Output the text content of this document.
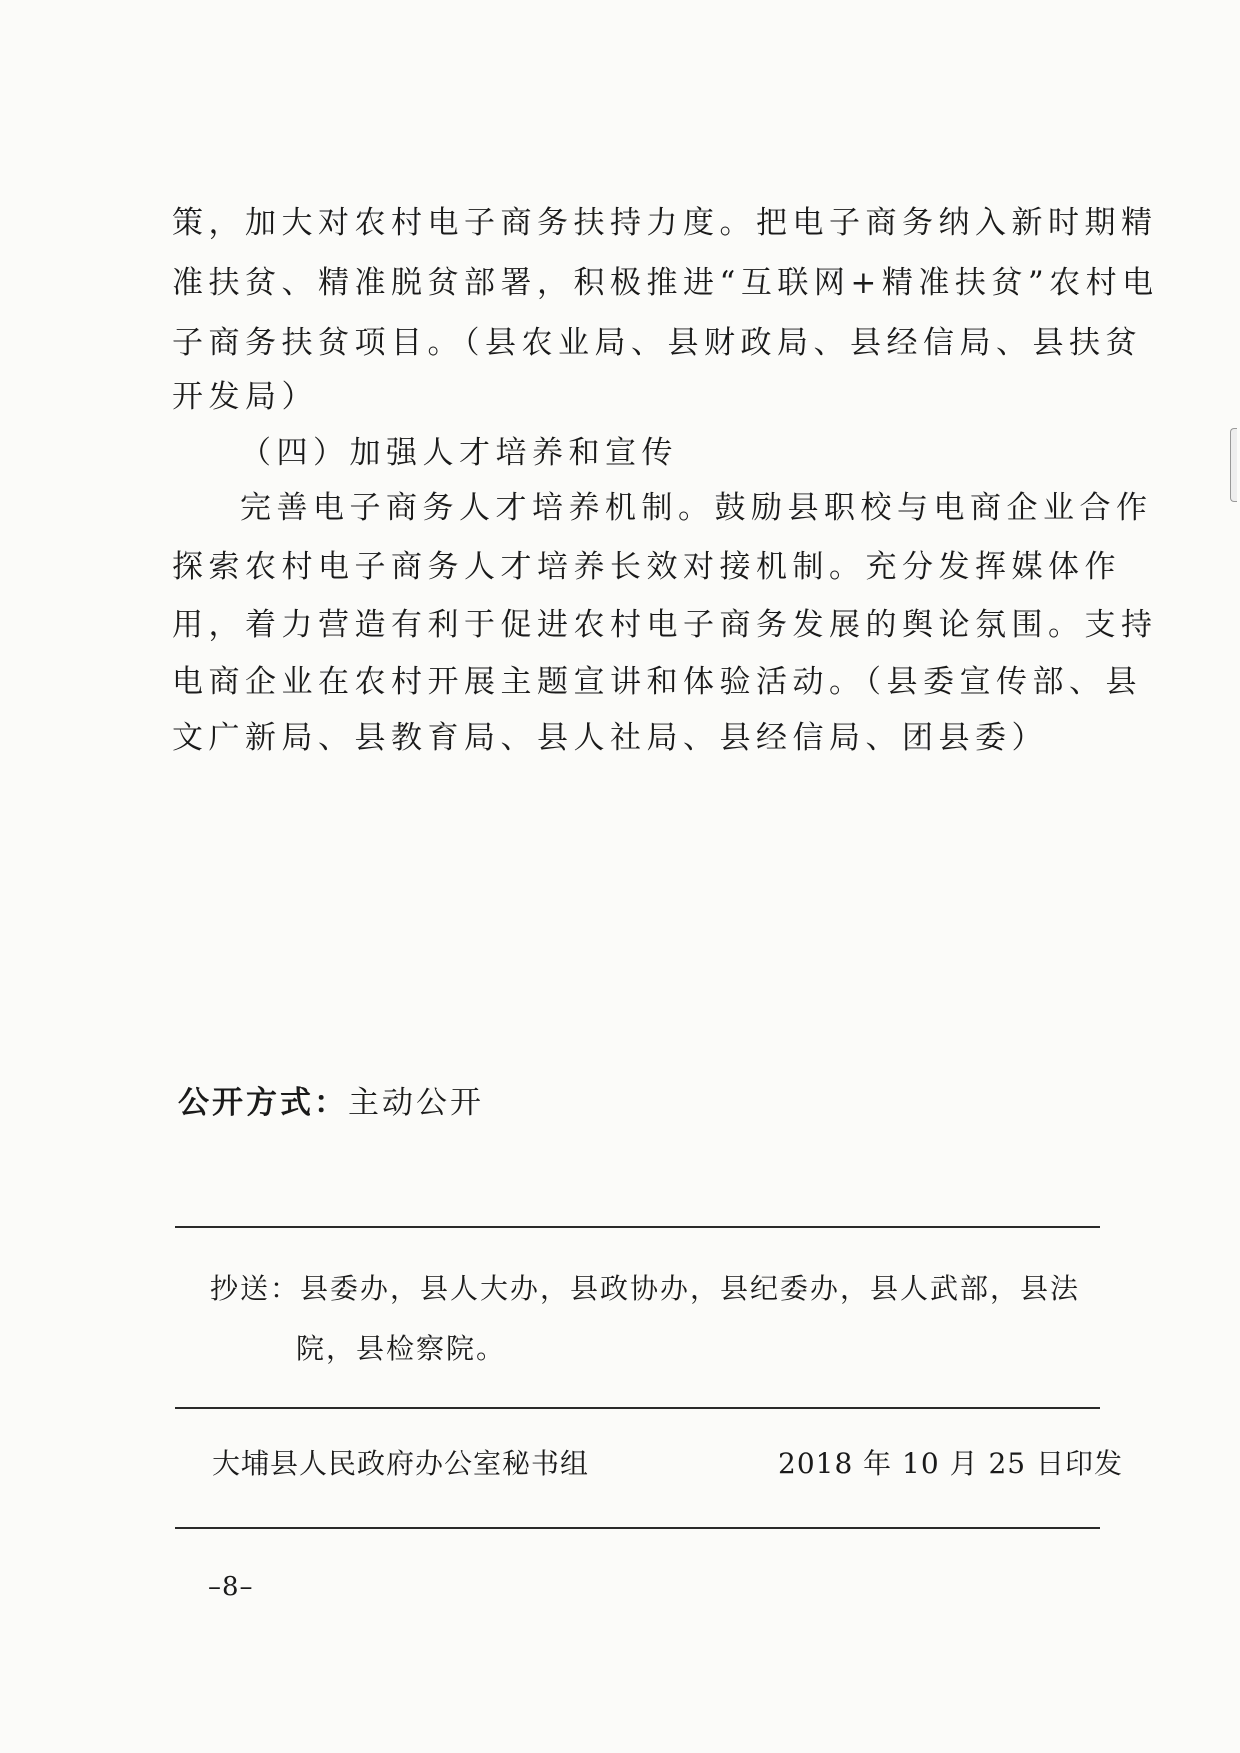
策，加大对农村电子商务扶持力度。把电子商务纳入新时期精

准扶贫、精准脱贫部署，积极推进“互联网+精准扶贫”农村电

子商务扶贫项目。（县农业局、县财政局、县经信局、县扶贫

开发局）

（四）加强人才培养和宣传

完善电子商务人才培养机制。鼓励县职校与电商企业合作

探索农村电子商务人才培养长效对接机制。充分发挥媒体作

用，着力营造有利于促进农村电子商务发展的舆论氛围。支持

电商企业在农村开展主题宣讲和体验活动。（县委宣传部、县

文广新局、县教育局、县人社局、县经信局、团县委）

公开方式：主动公开

抄送：县委办，县人大办，县政协办，县纪委办，县人武部，县法

院，县检察院。

大埔县人民政府办公室秘书组	2018 年 10 月 25 日印发

–8–
